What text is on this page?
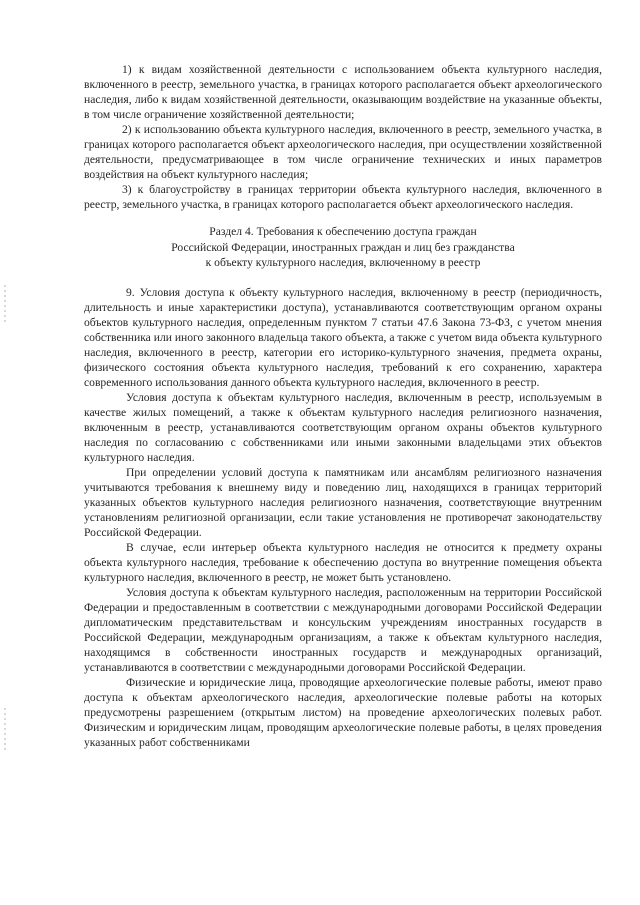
1) к видам хозяйственной деятельности с использованием объекта культурного наследия, включенного в реестр, земельного участка, в границах которого располагается объект археологического наследия, либо к видам хозяйственной деятельности, оказывающим воздействие на указанные объекты, в том числе ограничение хозяйственной деятельности;

2) к использованию объекта культурного наследия, включенного в реестр, земельного участка, в границах которого располагается объект археологического наследия, при осуществлении хозяйственной деятельности, предусматривающее в том числе ограничение технических и иных параметров воздействия на объект культурного наследия;

3) к благоустройству в границах территории объекта культурного наследия, включенного в реестр, земельного участка, в границах которого располагается объект археологического наследия.

Раздел 4. Требования к обеспечению доступа граждан
Российской Федерации, иностранных граждан и лиц без гражданства
к объекту культурного наследия, включенному в реестр

9. Условия доступа к объекту культурного наследия, включенному в реестр (периодичность, длительность и иные характеристики доступа), устанавливаются соответствующим органом охраны объектов культурного наследия, определенным пунктом 7 статьи 47.6 Закона 73-ФЗ, с учетом мнения собственника или иного законного владельца такого объекта, а также с учетом вида объекта культурного наследия, включенного в реестр, категории его историко-культурного значения, предмета охраны, физического состояния объекта культурного наследия, требований к его сохранению, характера современного использования данного объекта культурного наследия, включенного в реестр.

Условия доступа к объектам культурного наследия, включенным в реестр, используемым в качестве жилых помещений, а также к объектам культурного наследия религиозного назначения, включенным в реестр, устанавливаются соответствующим органом охраны объектов культурного наследия по согласованию с собственниками или иными законными владельцами этих объектов культурного наследия.

При определении условий доступа к памятникам или ансамблям религиозного назначения учитываются требования к внешнему виду и поведению лиц, находящихся в границах территорий указанных объектов культурного наследия религиозного назначения, соответствующие внутренним установлениям религиозной организации, если такие установления не противоречат законодательству Российской Федерации.

В случае, если интерьер объекта культурного наследия не относится к предмету охраны объекта культурного наследия, требование к обеспечению доступа во внутренние помещения объекта культурного наследия, включенного в реестр, не может быть установлено.

Условия доступа к объектам культурного наследия, расположенным на территории Российской Федерации и предоставленным в соответствии с международными договорами Российской Федерации дипломатическим представительствам и консульским учреждениям иностранных государств в Российской Федерации, международным организациям, а также к объектам культурного наследия, находящимся в собственности иностранных государств и международных организаций, устанавливаются в соответствии с международными договорами Российской Федерации.

Физические и юридические лица, проводящие археологические полевые работы, имеют право доступа к объектам археологического наследия, археологические полевые работы на которых предусмотрены разрешением (открытым листом) на проведение археологических полевых работ. Физическим и юридическим лицам, проводящим археологические полевые работы, в целях проведения указанных работ собственниками
